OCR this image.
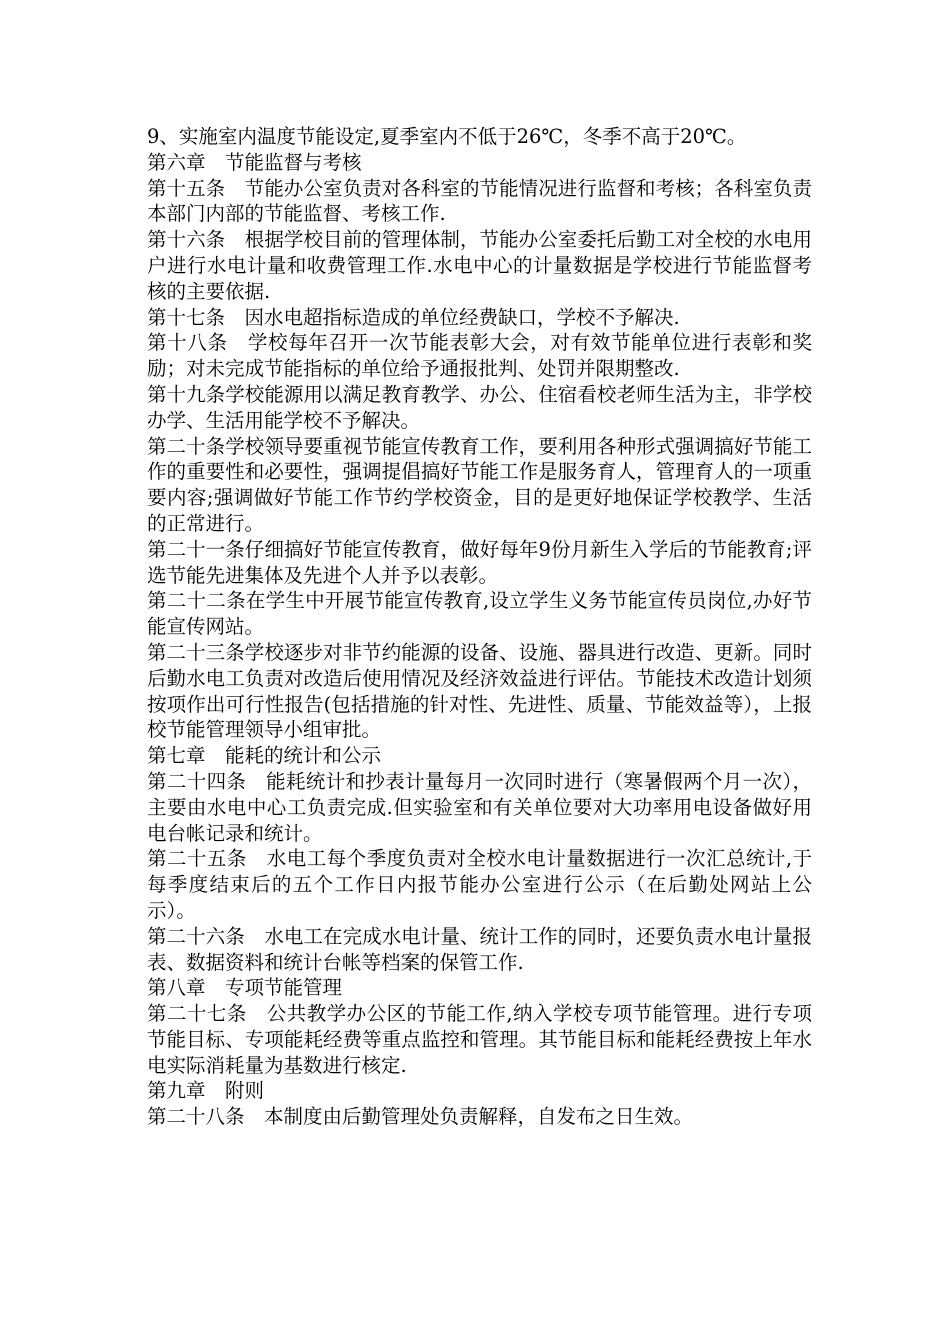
9、实施室内温度节能设定,夏季室内不低于26℃，冬季不高于20℃。

第六章　节能监督与考核

第十五条　节能办公室负责对各科室的节能情况进行监督和考核；各科室负责本部门内部的节能监督、考核工作.

第十六条　根据学校目前的管理体制，节能办公室委托后勤工对全校的水电用户进行水电计量和收费管理工作.水电中心的计量数据是学校进行节能监督考核的主要依据.

第十七条　因水电超指标造成的单位经费缺口，学校不予解决.

第十八条　学校每年召开一次节能表彰大会，对有效节能单位进行表彰和奖励；对未完成节能指标的单位给予通报批判、处罚并限期整改.

第十九条学校能源用以满足教育教学、办公、住宿看校老师生活为主，非学校办学、生活用能学校不予解决。

第二十条学校领导要重视节能宣传教育工作，要利用各种形式强调搞好节能工作的重要性和必要性，强调提倡搞好节能工作是服务育人，管理育人的一项重要内容;强调做好节能工作节约学校资金，目的是更好地保证学校教学、生活的正常进行。

第二十一条仔细搞好节能宣传教育，做好每年9份月新生入学后的节能教育;评选节能先进集体及先进个人并予以表彰。

第二十二条在学生中开展节能宣传教育,设立学生义务节能宣传员岗位,办好节能宣传网站。

第二十三条学校逐步对非节约能源的设备、设施、器具进行改造、更新。同时后勤水电工负责对改造后使用情况及经济效益进行评估。节能技术改造计划须按项作出可行性报告(包括措施的针对性、先进性、质量、节能效益等），上报校节能管理领导小组审批。

第七章　能耗的统计和公示

第二十四条　能耗统计和抄表计量每月一次同时进行（寒暑假两个月一次），主要由水电中心工负责完成.但实验室和有关单位要对大功率用电设备做好用电台帐记录和统计。

第二十五条　水电工每个季度负责对全校水电计量数据进行一次汇总统计,于每季度结束后的五个工作日内报节能办公室进行公示（在后勤处网站上公示）。

第二十六条　水电工在完成水电计量、统计工作的同时，还要负责水电计量报表、数据资料和统计台帐等档案的保管工作.

第八章　专项节能管理

第二十七条　公共教学办公区的节能工作,纳入学校专项节能管理。进行专项节能目标、专项能耗经费等重点监控和管理。其节能目标和能耗经费按上年水电实际消耗量为基数进行核定.

第九章　附则

第二十八条　本制度由后勤管理处负责解释，自发布之日生效。
